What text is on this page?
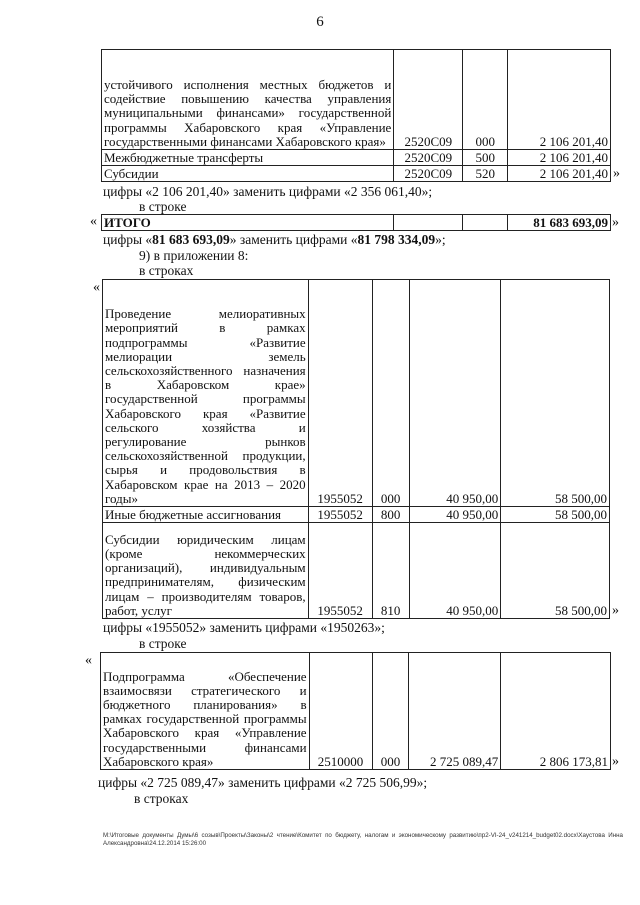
6
устойчивого исполнения местных бюджетов и содействие повышению качества управления муниципальными финансами» государственной программы Хабаровского края «Управление государственными финансами Хабаровского края»	2520С09	000	2 106 201,40
Межбюджетные трансферты	2520С09	500	2 106 201,40
Субсидии	2520С09	520	2 106 201,40 »
цифры «2 106 201,40» заменить цифрами «2 356 061,40»;
в строке
« ИТОГО			81 683 693,09 »
цифры «81 683 693,09» заменить цифрами «81 798 334,09»;
9) в приложении 8:
в строках
«
Проведение мелиоративных мероприятий в рамках подпрограммы «Развитие мелиорации земель сельскохозяйственного назначения в Хабаровском крае» государственной программы Хабаровского края «Развитие сельского хозяйства и регулирование рынков сельскохозяйственной продукции, сырья и продовольствия в Хабаровском крае на 2013 – 2020 годы»	1955052	000	40 950,00	58 500,00
Иные бюджетные ассигнования	1955052	800	40 950,00	58 500,00
Субсидии юридическим лицам (кроме некоммерческих организаций), индивидуальным предпринимателям, физическим лицам – производителям товаров, работ, услуг	1955052	810	40 950,00	58 500,00 »
цифры «1955052» заменить цифрами «1950263»;
в строке
«
Подпрограмма «Обеспечение взаимосвязи стратегического и бюджетного планирования» в рамках государственной программы Хабаровского края «Управление государственными финансами Хабаровского края»	2510000	000	2 725 089,47	2 806 173,81 »
цифры «2 725 089,47» заменить цифрами «2 725 506,99»;
в строках
M:\Итоговые документы Думы\6 созыв\Проекты\Законы\2 чтение\Комитет по бюджету, налогам и экономическому развитию\пр2-VI-24_v241214_budget02.docx\Хаустова Инна Александровна\24.12.2014 15:26:00
